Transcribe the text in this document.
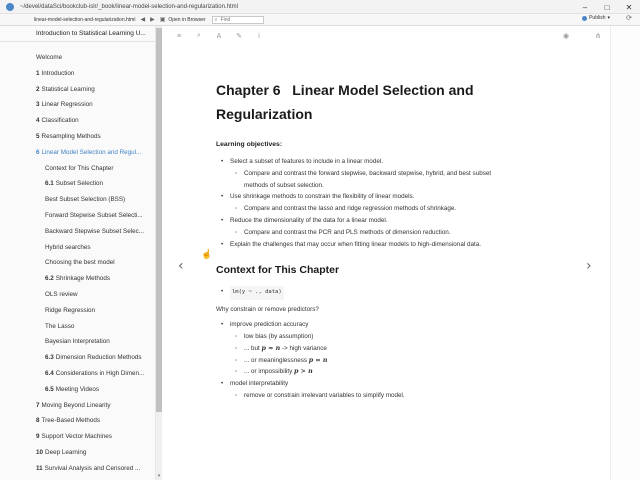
~/devel/dataSci/bookclub-islr/_book/linear-model-selection-and-regularization.html	–	□	✕
linear-model-selection-and-regularization.html ◀ ▶ ▣ Open in Browser ⌕ Find	Publish ▾ ⟳
Introduction to Statistical Learning U...
Welcome
1 Introduction
2 Statistical Learning
3 Linear Regression
4 Classification
5 Resampling Methods
6 Linear Model Selection and Regul...
Context for This Chapter
6.1 Subset Selection
Best Subset Selection (BSS)
Forward Stepwise Subset Selecti...
Backward Stepwise Subset Selec...
Hybrid searches
Choosing the best model
6.2 Shrinkage Methods
OLS review
Ridge Regression
The Lasso
Bayesian Interpretation
6.3 Dimension Reduction Methods
6.4 Considerations in High Dimen...
6.5 Meeting Videos
7 Moving Beyond Linearity
8 Tree-Based Methods
9 Support Vector Machines
10 Deep Learning
11 Survival Analysis and Censored ...
▾
≡ ⌕ A ✎	i	◉	⋔
Chapter 6 Linear Model Selection and
Regularization
Learning objectives:
• Select a subset of features to include in a linear model.
◦ Compare and contrast the forward stepwise, backward stepwise, hybrid, and best subset
methods of subset selection.
• Use shrinkage methods to constrain the flexibility of linear models.
◦ Compare and contrast the lasso and ridge regression methods of shrinkage.
• Reduce the dimensionality of the data for a linear model.
◦ Compare and contrast the PCR and PLS methods of dimension reduction.
• Explain the challenges that may occur when fitting linear models to high-dimensional data.
Context for This Chapter
• lm(y ~ ., data)
Why constrain or remove predictors?
• improve prediction accuracy
◦ low bias (by assumption)
◦ ... but p ≈ n -> high variance
◦ ... or meaninglessness p = n
◦ ... or impossibility p > n
• model interpretability
◦ remove or constrain irrelevant variables to simplify model.
‹	›
☝
